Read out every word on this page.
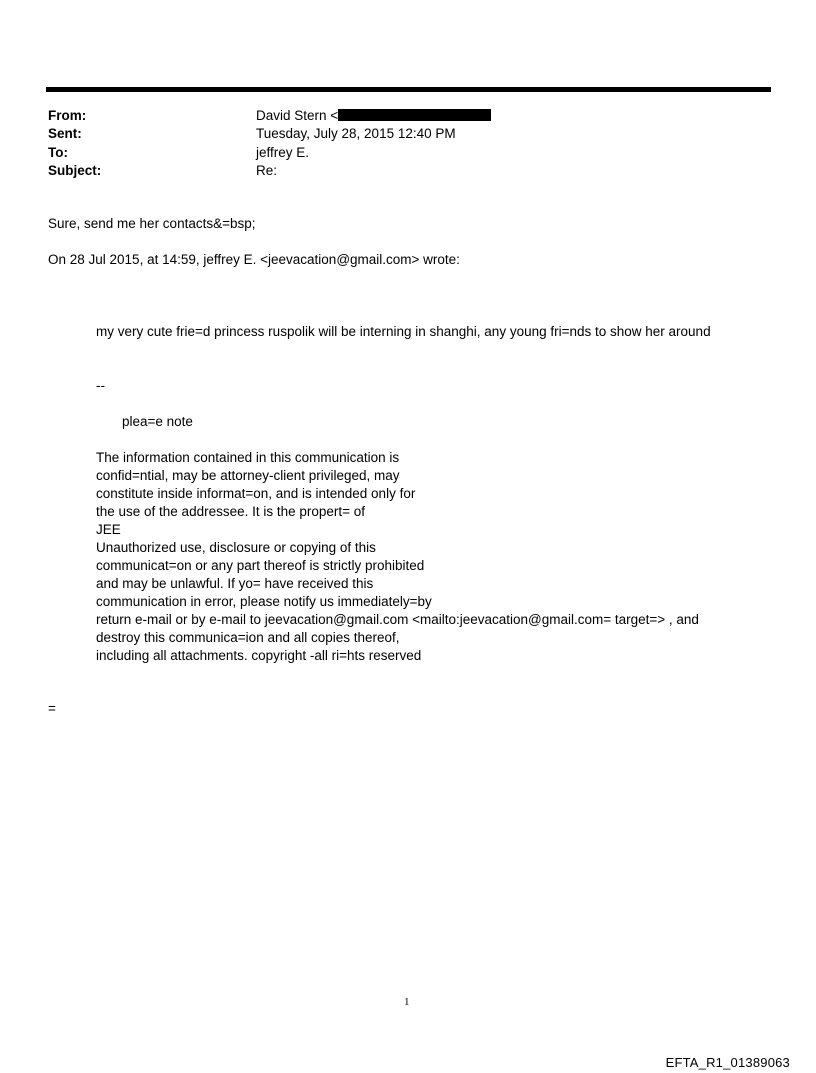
From:	David Stern <
Sent:	Tuesday, July 28, 2015 12:40 PM
To:	jeffrey E.
Subject:	Re:
Sure, send me her contacts&=bsp;
On 28 Jul 2015, at 14:59, jeffrey E. <jeevacation@gmail.com> wrote:
my very cute frie=d princess ruspolik will be interning in shanghi, any young fri=nds to show her around
--
plea=e note
The information contained in this communication is
confid=ntial, may be attorney-client privileged, may
constitute inside informat=on, and is intended only for
the use of the addressee. It is the propert= of
JEE
Unauthorized use, disclosure or copying of this
communicat=on or any part thereof is strictly prohibited
and may be unlawful. If yo= have received this
communication in error, please notify us immediately=by
return e-mail or by e-mail to jeevacation@gmail.com <mailto:jeevacation@gmail.com= target=> , and
destroy this communica=ion and all copies thereof,
including all attachments. copyright -all ri=hts reserved
=
1
EFTA_R1_01389063
